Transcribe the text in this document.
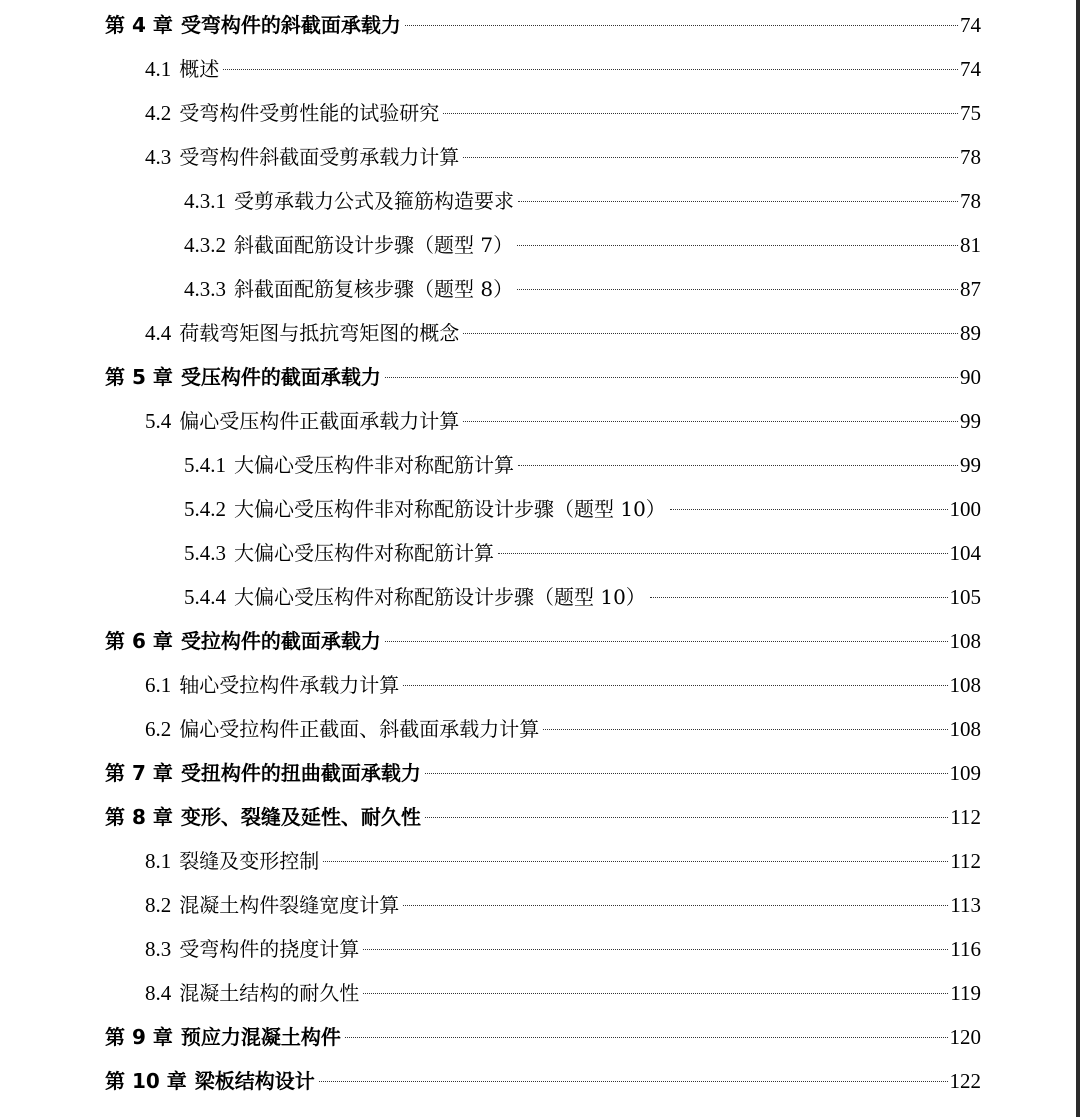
第 4 章 受弯构件的斜截面承载力	74
4.1 概述	74
4.2 受弯构件受剪性能的试验研究	75
4.3 受弯构件斜截面受剪承载力计算	78
4.3.1 受剪承载力公式及箍筋构造要求	78
4.3.2 斜截面配筋设计步骤（题型 7）	81
4.3.3 斜截面配筋复核步骤（题型 8）	87
4.4 荷载弯矩图与抵抗弯矩图的概念	89
第 5 章 受压构件的截面承载力	90
5.4 偏心受压构件正截面承载力计算	99
5.4.1 大偏心受压构件非对称配筋计算	99
5.4.2 大偏心受压构件非对称配筋设计步骤（题型 10）	100
5.4.3 大偏心受压构件对称配筋计算	104
5.4.4 大偏心受压构件对称配筋设计步骤（题型 10）	105
第 6 章 受拉构件的截面承载力	108
6.1 轴心受拉构件承载力计算	108
6.2 偏心受拉构件正截面、斜截面承载力计算	108
第 7 章 受扭构件的扭曲截面承载力	109
第 8 章 变形、裂缝及延性、耐久性	112
8.1 裂缝及变形控制	112
8.2 混凝土构件裂缝宽度计算	113
8.3 受弯构件的挠度计算	116
8.4 混凝土结构的耐久性	119
第 9 章 预应力混凝土构件	120
第 10 章 梁板结构设计	122
